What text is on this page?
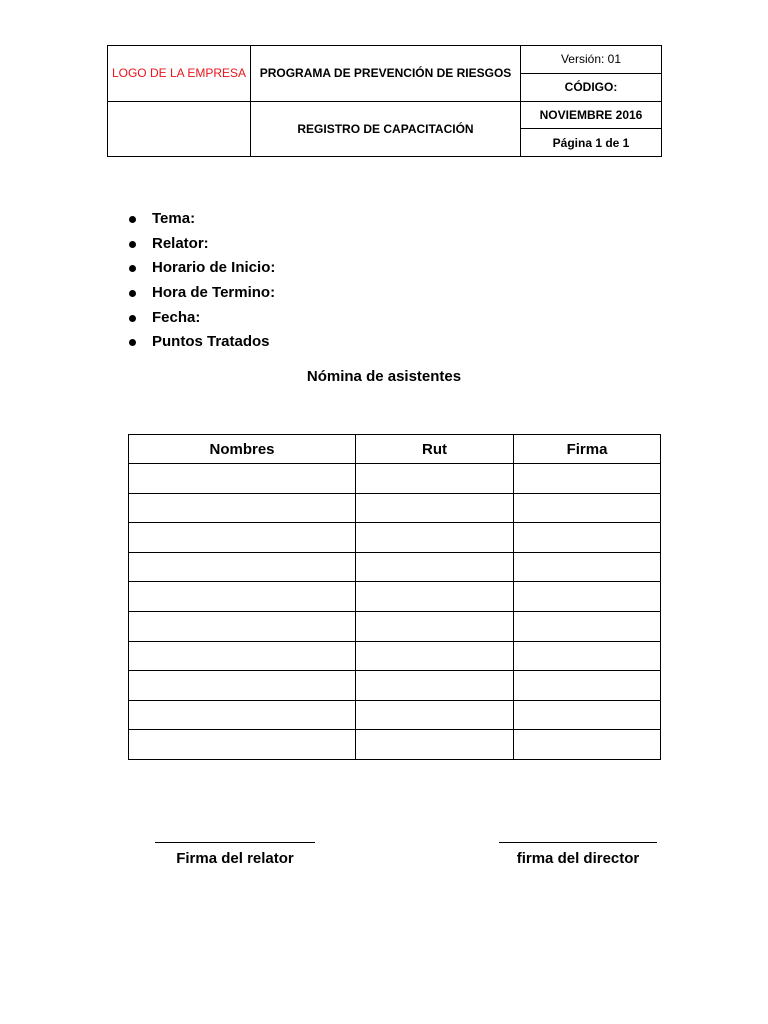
LOGO DE LA EMPRESA	PROGRAMA DE PREVENCIÓN DE RIESGOS	Versión: 01
		CÓDIGO:
	REGISTRO DE CAPACITACIÓN	NOVIEMBRE 2016
		Página 1 de 1
Tema:
Relator:
Horario de Inicio:
Hora de Termino:
Fecha:
Puntos Tratados
Nómina de asistentes
Nombres	Rut	Firma

Firma del relator	firma del director
